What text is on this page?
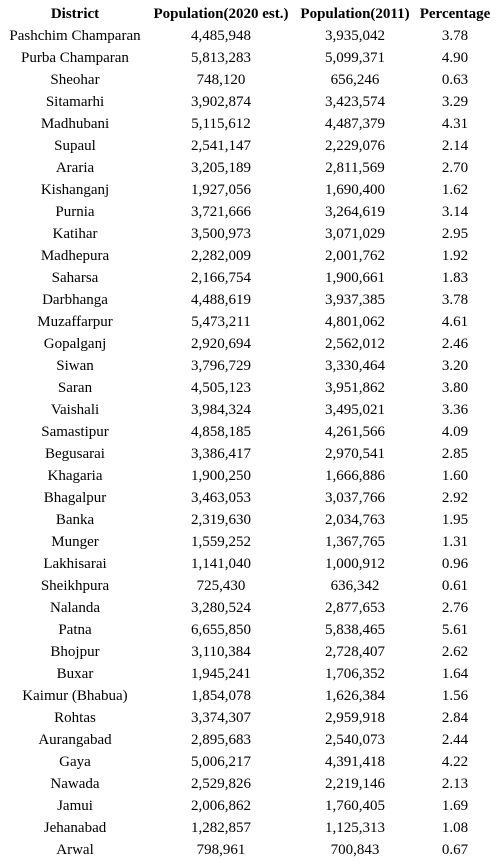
District	Population(2020 est.)	Population(2011)	Percentage
Pashchim Champaran	4,485,948	3,935,042	3.78
Purba Champaran	5,813,283	5,099,371	4.90
Sheohar	748,120	656,246	0.63
Sitamarhi	3,902,874	3,423,574	3.29
Madhubani	5,115,612	4,487,379	4.31
Supaul	2,541,147	2,229,076	2.14
Araria	3,205,189	2,811,569	2.70
Kishanganj	1,927,056	1,690,400	1.62
Purnia	3,721,666	3,264,619	3.14
Katihar	3,500,973	3,071,029	2.95
Madhepura	2,282,009	2,001,762	1.92
Saharsa	2,166,754	1,900,661	1.83
Darbhanga	4,488,619	3,937,385	3.78
Muzaffarpur	5,473,211	4,801,062	4.61
Gopalganj	2,920,694	2,562,012	2.46
Siwan	3,796,729	3,330,464	3.20
Saran	4,505,123	3,951,862	3.80
Vaishali	3,984,324	3,495,021	3.36
Samastipur	4,858,185	4,261,566	4.09
Begusarai	3,386,417	2,970,541	2.85
Khagaria	1,900,250	1,666,886	1.60
Bhagalpur	3,463,053	3,037,766	2.92
Banka	2,319,630	2,034,763	1.95
Munger	1,559,252	1,367,765	1.31
Lakhisarai	1,141,040	1,000,912	0.96
Sheikhpura	725,430	636,342	0.61
Nalanda	3,280,524	2,877,653	2.76
Patna	6,655,850	5,838,465	5.61
Bhojpur	3,110,384	2,728,407	2.62
Buxar	1,945,241	1,706,352	1.64
Kaimur (Bhabua)	1,854,078	1,626,384	1.56
Rohtas	3,374,307	2,959,918	2.84
Aurangabad	2,895,683	2,540,073	2.44
Gaya	5,006,217	4,391,418	4.22
Nawada	2,529,826	2,219,146	2.13
Jamui	2,006,862	1,760,405	1.69
Jehanabad	1,282,857	1,125,313	1.08
Arwal	798,961	700,843	0.67
